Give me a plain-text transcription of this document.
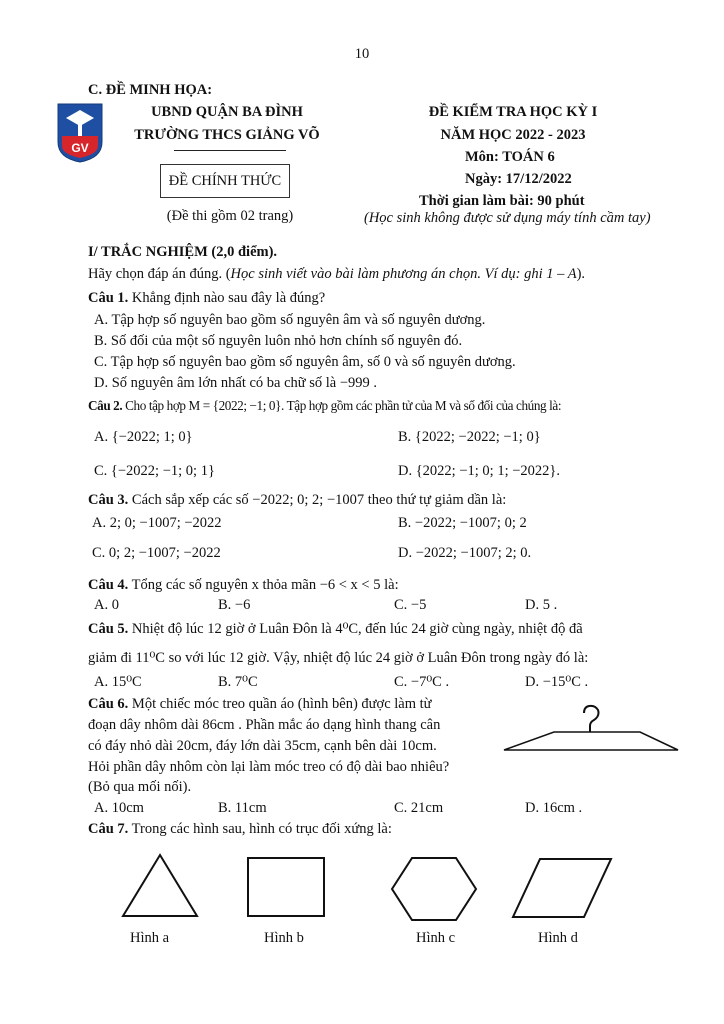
10
C. ĐỀ MINH HỌA:
GV
UBND QUẬN BA ĐÌNH
TRƯỜNG THCS GIẢNG VÕ
ĐỀ CHÍNH THỨC
(Đề thi gồm 02 trang)
ĐỀ KIỂM TRA HỌC KỲ I
NĂM HỌC 2022 - 2023
Môn: TOÁN 6
Ngày: 17/12/2022
Thời gian làm bài: 90 phút
(Học sinh không được sử dụng máy tính cầm tay)
I/ TRẮC NGHIỆM (2,0 điểm).
Hãy chọn đáp án đúng. (Học sinh viết vào bài làm phương án chọn. Ví dụ: ghi 1 – A).
Câu 1. Khẳng định nào sau đây là đúng?
A. Tập hợp số nguyên bao gồm số nguyên âm và số nguyên dương.
B. Số đối của một số nguyên luôn nhỏ hơn chính số nguyên đó.
C. Tập hợp số nguyên bao gồm số nguyên âm, số 0 và số nguyên dương.
D. Số nguyên âm lớn nhất có ba chữ số là −999 .
Câu 2. Cho tập hợp M = {2022; −1; 0}. Tập hợp gồm các phần tử của M và số đối của chúng là:
A. {−2022; 1; 0}	B. {2022; −2022; −1; 0}
C. {−2022; −1; 0; 1}	D. {2022; −1; 0; 1; −2022}.
Câu 3. Cách sắp xếp các số −2022; 0; 2; −1007 theo thứ tự giảm dần là:
A. 2; 0; −1007; −2022	B. −2022; −1007; 0; 2
C. 0; 2; −1007; −2022	D. −2022; −1007; 2; 0.
Câu 4. Tổng các số nguyên x thỏa mãn −6 < x < 5 là:
A. 0	B. −6	C. −5	D. 5 .
Câu 5. Nhiệt độ lúc 12 giờ ở Luân Đôn là 4⁰C, đến lúc 24 giờ cùng ngày, nhiệt độ đã
giảm đi 11⁰C so với lúc 12 giờ. Vậy, nhiệt độ lúc 24 giờ ở Luân Đôn trong ngày đó là:
A. 15⁰C	B. 7⁰C	C. −7⁰C .	D. −15⁰C .
Câu 6. Một chiếc móc treo quần áo (hình bên) được làm từ
đoạn dây nhôm dài 86cm . Phần mắc áo dạng hình thang cân
có đáy nhỏ dài 20cm, đáy lớn dài 35cm, cạnh bên dài 10cm.
Hỏi phần dây nhôm còn lại làm móc treo có độ dài bao nhiêu?
(Bỏ qua mối nối).
A. 10cm	B. 11cm	C. 21cm	D. 16cm .
Câu 7. Trong các hình sau, hình có trục đối xứng là:
Hình a	Hình b	Hình c	Hình d
